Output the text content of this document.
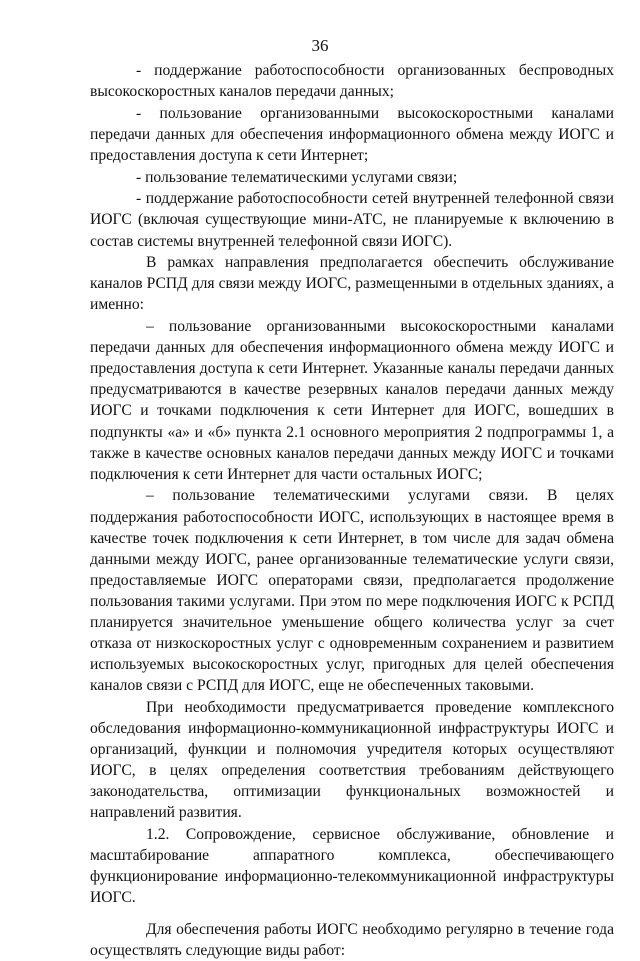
36

- поддержание работоспособности организованных беспроводных высокоскоростных каналов передачи данных;

- пользование организованными высокоскоростными каналами передачи данных для обеспечения информационного обмена между ИОГС и предоставления доступа к сети Интернет;

- пользование телематическими услугами связи;

- поддержание работоспособности сетей внутренней телефонной связи ИОГС (включая существующие мини-АТС, не планируемые к включению в состав системы внутренней телефонной связи ИОГС).

В рамках направления предполагается обеспечить обслуживание каналов РСПД для связи между ИОГС, размещенными в отдельных зданиях, а именно:

– пользование организованными высокоскоростными каналами передачи данных для обеспечения информационного обмена между ИОГС и предоставления доступа к сети Интернет. Указанные каналы передачи данных предусматриваются в качестве резервных каналов передачи данных между ИОГС и точками подключения к сети Интернет для ИОГС, вошедших в подпункты «а» и «б» пункта 2.1 основного мероприятия 2 подпрограммы 1, а также в качестве основных каналов передачи данных между ИОГС и точками подключения к сети Интернет для части остальных ИОГС;

– пользование телематическими услугами связи. В целях поддержания работоспособности ИОГС, использующих в настоящее время в качестве точек подключения к сети Интернет, в том числе для задач обмена данными между ИОГС, ранее организованные телематические услуги связи, предоставляемые ИОГС операторами связи, предполагается продолжение пользования такими услугами. При этом по мере подключения ИОГС к РСПД планируется значительное уменьшение общего количества услуг за счет отказа от низкоскоростных услуг с одновременным сохранением и развитием используемых высокоскоростных услуг, пригодных для целей обеспечения каналов связи с РСПД для ИОГС, еще не обеспеченных таковыми.

При необходимости предусматривается проведение комплексного обследования информационно-коммуникационной инфраструктуры ИОГС и организаций, функции и полномочия учредителя которых осуществляют ИОГС, в целях определения соответствия требованиям действующего законодательства, оптимизации функциональных возможностей и направлений развития.

1.2. Сопровождение, сервисное обслуживание, обновление и масштабирование аппаратного комплекса, обеспечивающего функционирование информационно-телекоммуникационной инфраструктуры ИОГС.

Для обеспечения работы ИОГС необходимо регулярно в течение года осуществлять следующие виды работ:
